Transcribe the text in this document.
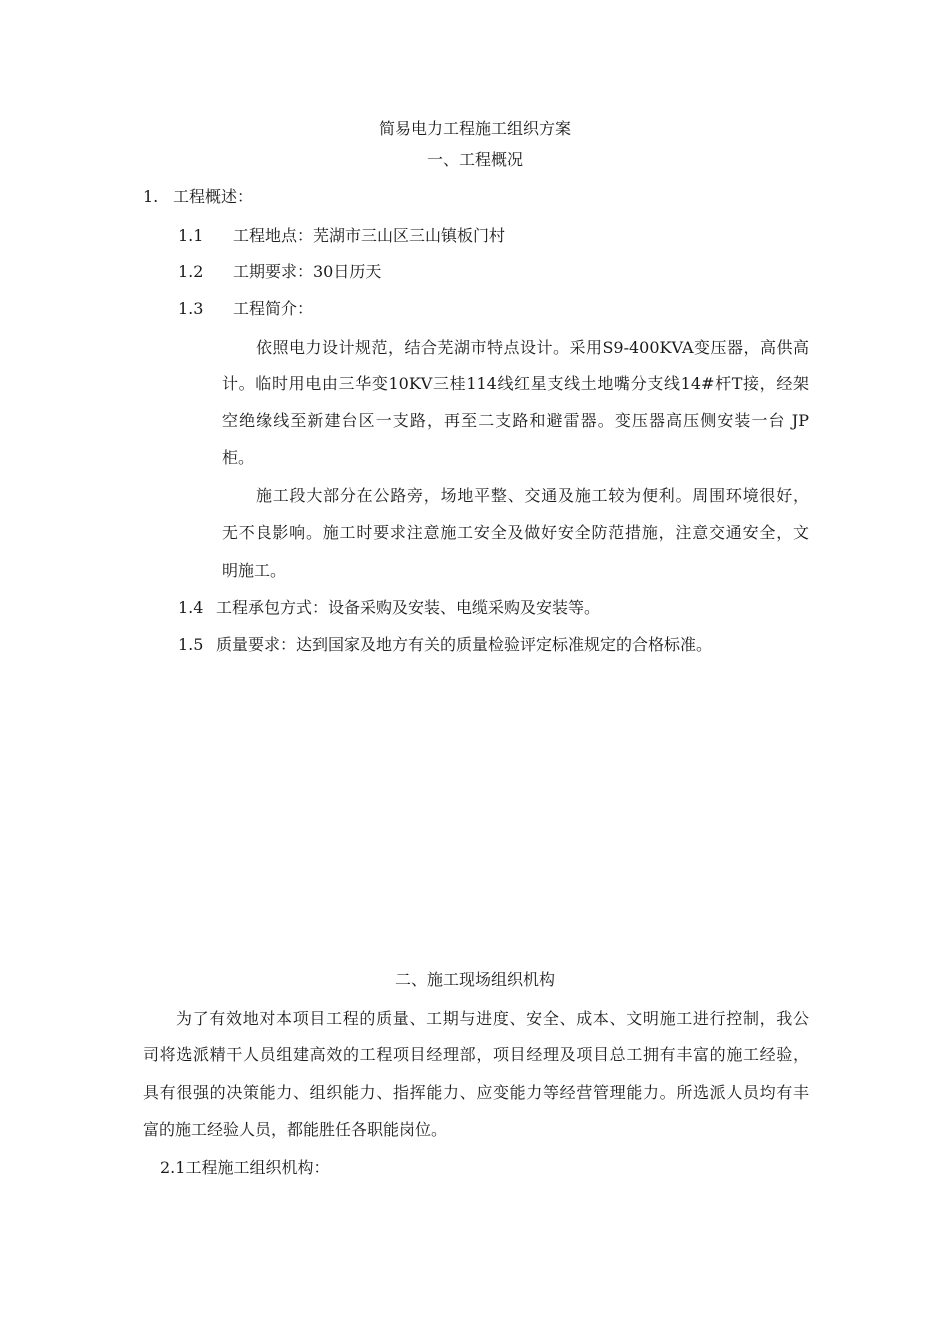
简易电力工程施工组织方案
一、工程概况
1. 工程概述：
1.1 工程地点：芜湖市三山区三山镇板门村
1.2 工期要求：30日历天
1.3 工程简介：
依照电力设计规范，结合芜湖市特点设计。采用S9-400KVA变压器，高供高
计。临时用电由三华变10KV三桂114线红星支线土地嘴分支线14#杆T接，经架
空绝缘线至新建台区一支路，再至二支路和避雷器。变压器高压侧安装一台 JP
柜。
施工段大部分在公路旁，场地平整、交通及施工较为便利。周围环境很好，
无不良影响。施工时要求注意施工安全及做好安全防范措施，注意交通安全，文
明施工。
1.4 工程承包方式：设备采购及安装、电缆采购及安装等。
1.5 质量要求：达到国家及地方有关的质量检验评定标准规定的合格标准。
二、施工现场组织机构
为了有效地对本项目工程的质量、工期与进度、安全、成本、文明施工进行控制，我公
司将选派精干人员组建高效的工程项目经理部，项目经理及项目总工拥有丰富的施工经验，
具有很强的决策能力、组织能力、指挥能力、应变能力等经营管理能力。所选派人员均有丰
富的施工经验人员，都能胜任各职能岗位。
2.1工程施工组织机构：
